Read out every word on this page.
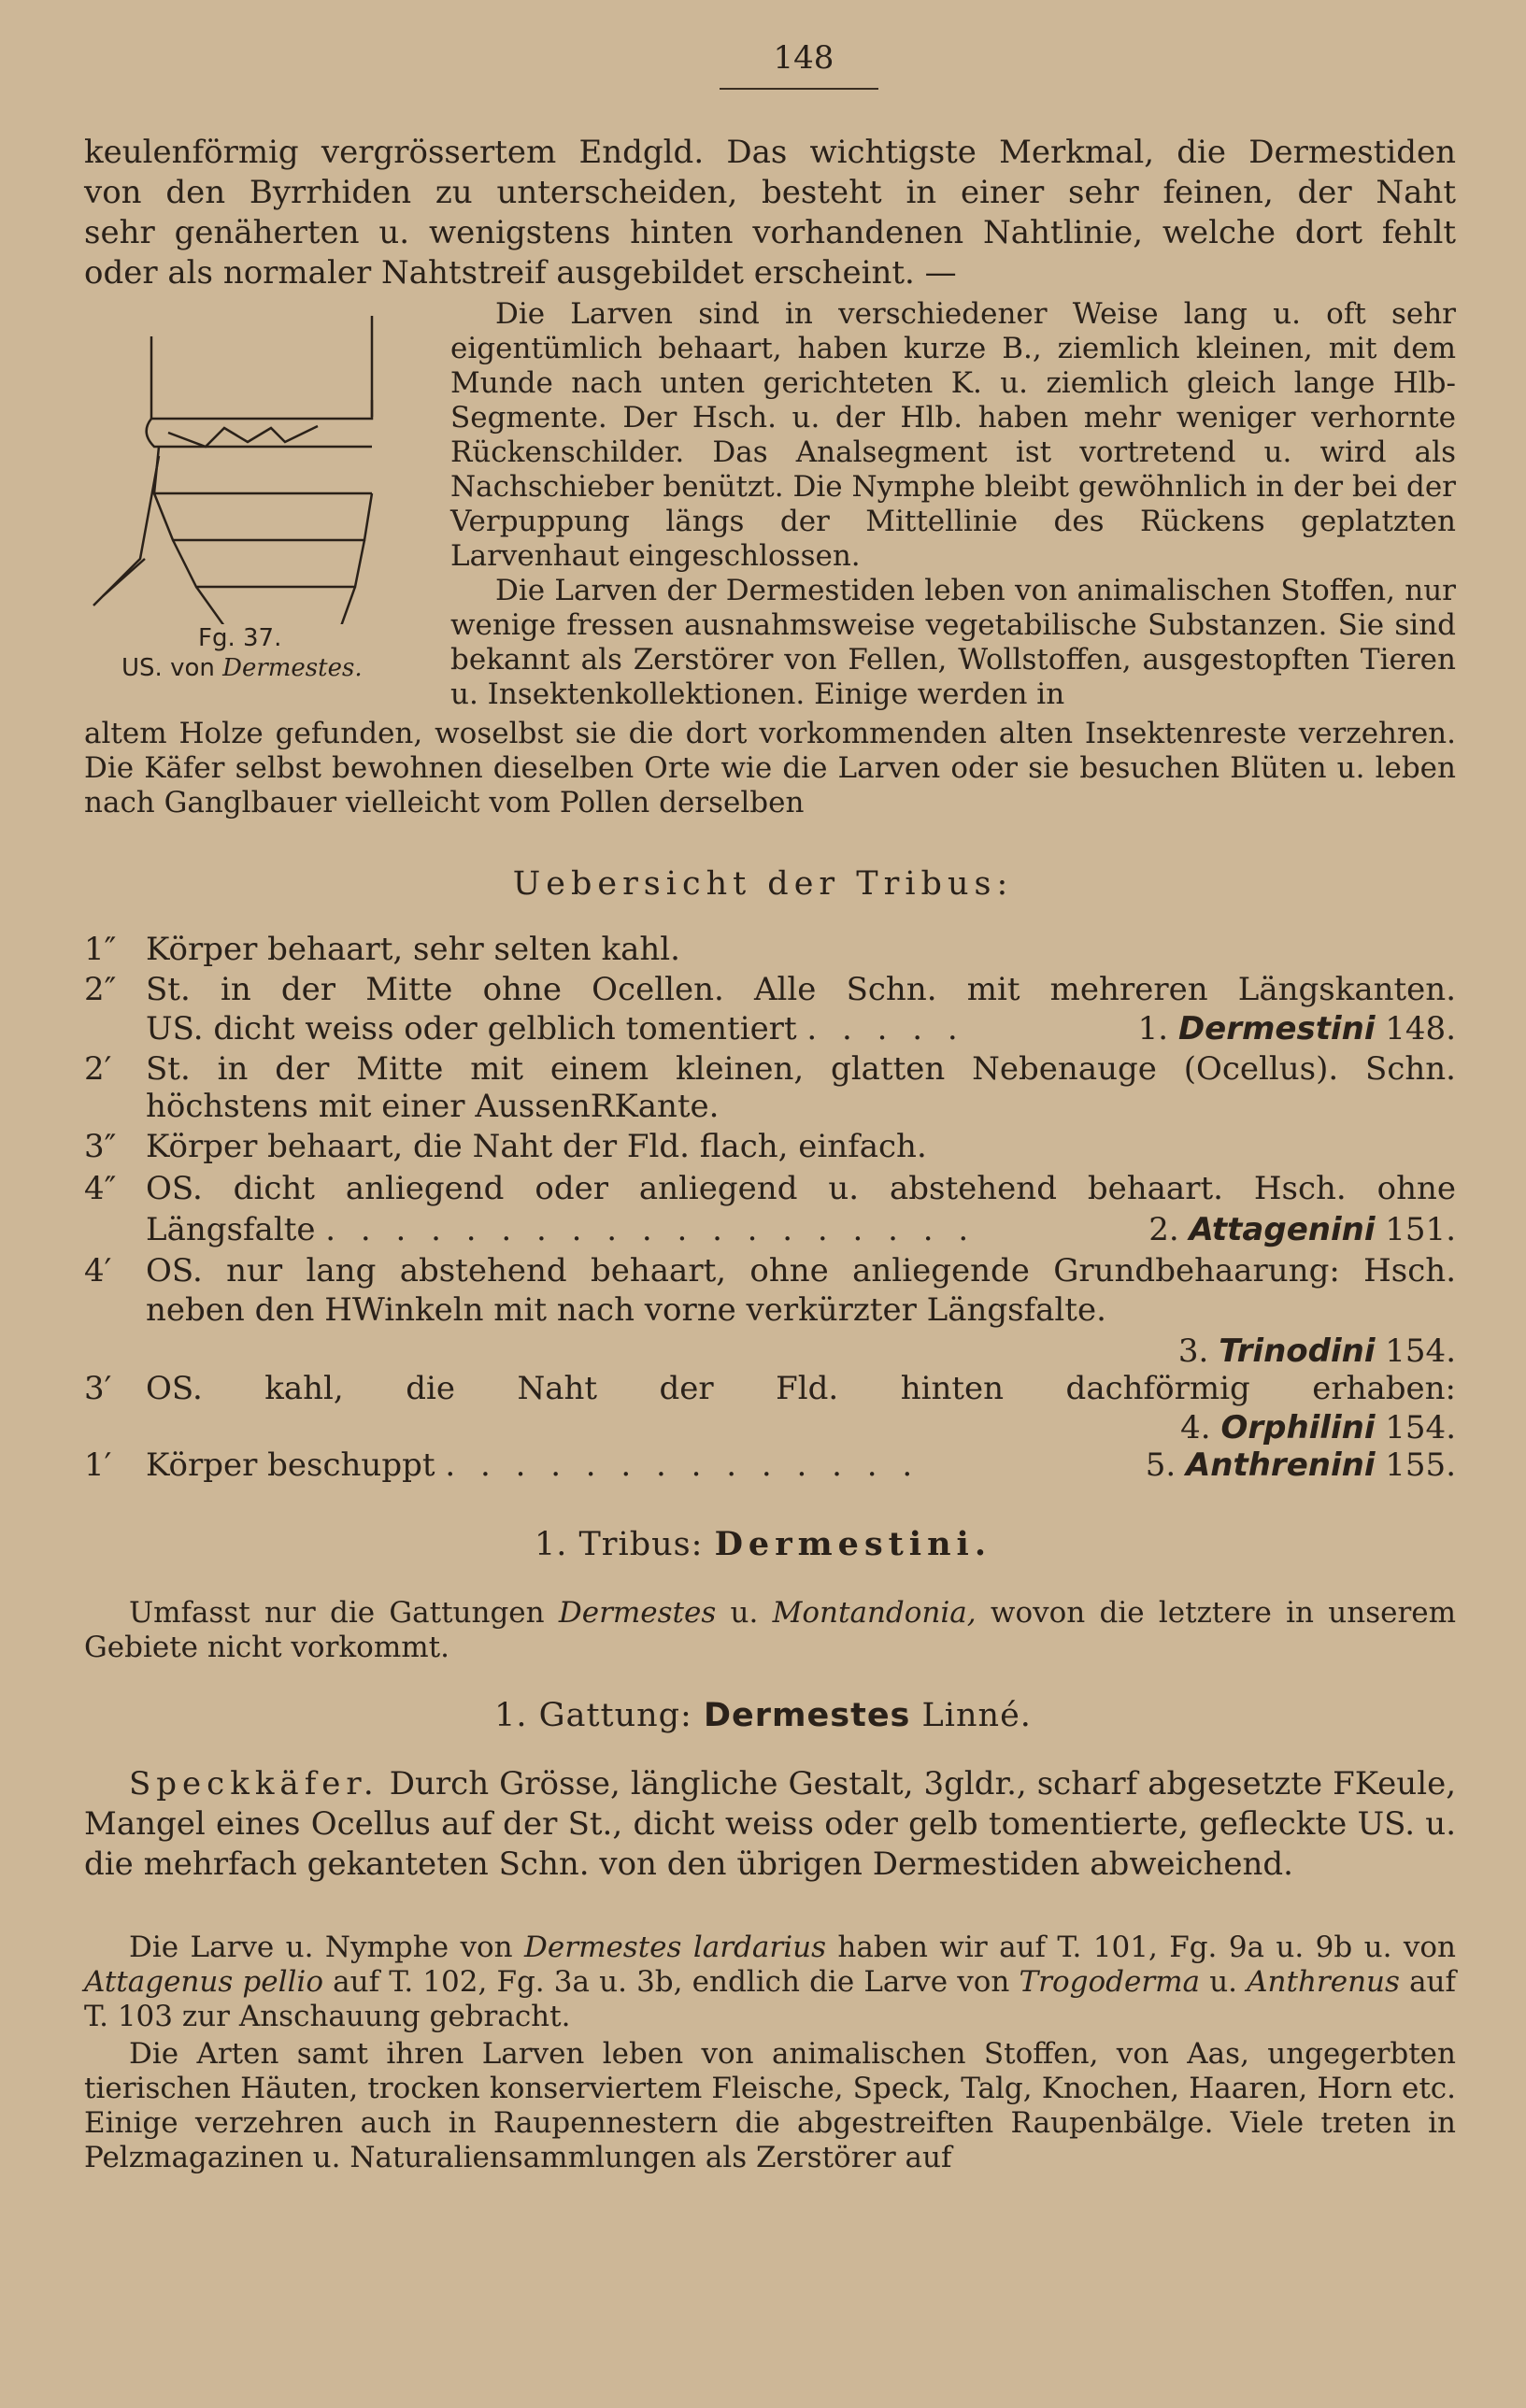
148

keulenförmig vergrössertem Endgld. Das wichtigste Merkmal, die Dermestiden

von den Byrrhiden zu unterscheiden, besteht in einer sehr feinen, der Naht

sehr genäherten u. wenigstens hinten vorhandenen Nahtlinie, welche dort fehlt

oder als normaler Nahtstreif ausgebildet erscheint. —

Fg. 37.
US. von Dermestes.

Die Larven sind in verschiedener Weise lang u. oft sehr eigentümlich behaart, haben kurze B., ziemlich kleinen, mit dem Munde nach unten gerichteten K. u. ziemlich gleich lange Hlb-Segmente. Der Hsch. u. der Hlb. haben mehr weniger verhornte Rückenschilder. Das Analsegment ist vortretend u. wird als Nachschieber benützt. Die Nymphe bleibt gewöhnlich in der bei der Verpuppung längs der Mittellinie des Rückens geplatzten Larvenhaut eingeschlossen.

Die Larven der Dermestiden leben von animalischen Stoffen, nur wenige fressen ausnahmsweise vegetabilische Substanzen. Sie sind bekannt als Zerstörer von Fellen, Wollstoffen, ausgestopften Tieren u. Insektenkollektionen. Einige werden in

altem Holze gefunden, woselbst sie die dort vorkommenden alten Insektenreste verzehren. Die Käfer selbst bewohnen dieselben Orte wie die Larven oder sie besuchen Blüten u. leben nach Ganglbauer vielleicht vom Pollen derselben

Uebersicht der Tribus:
1″ Körper behaart, sehr selten kahl.
2″ St. in der Mitte ohne Ocellen. Alle Schn. mit mehreren Längskanten.
US. dicht weiss oder gelblich tomentiert . . . . .	1. Dermestini 148.
2′	St. in der Mitte mit einem kleinen, glatten Nebenauge (Ocellus). Schn.
höchstens mit einer AussenRKante.
3″ Körper behaart, die Naht der Fld. flach, einfach.
4″ OS. dicht anliegend oder anliegend u. abstehend behaart. Hsch. ohne
Längsfalte . . . . . . . . . . . . . . . . . . .	2. Attagenini 151.
4′	OS. nur lang abstehend behaart, ohne anliegende Grundbehaarung: Hsch.
neben den HWinkeln mit nach vorne verkürzter Längsfalte.
3. Trinodini 154.
3′	OS. kahl, die Naht der Fld. hinten dachförmig erhaben:
4. Orphilini 154.
1′	Körper beschuppt . . . . . . . . . . . . . .	5. Anthrenini 155.
1. Tribus: Dermestini.

Umfasst nur die Gattungen Dermestes u. Montandonia, wovon die letztere in unserem Gebiete nicht vorkommt.

1. Gattung: Dermestes Linné.

Speckkäfer. Durch Grösse, längliche Gestalt, 3gldr., scharf abgesetzte FKeule, Mangel eines Ocellus auf der St., dicht weiss oder gelb tomentierte, gefleckte US. u. die mehrfach gekanteten Schn. von den übrigen Dermestiden abweichend.

Die Larve u. Nymphe von Dermestes lardarius haben wir auf T. 101, Fg. 9a u. 9b u. von Attagenus pellio auf T. 102, Fg. 3a u. 3b, endlich die Larve von Trogoderma u. Anthrenus auf T. 103 zur Anschauung gebracht.

Die Arten samt ihren Larven leben von animalischen Stoffen, von Aas, ungegerbten tierischen Häuten, trocken konserviertem Fleische, Speck, Talg, Knochen, Haaren, Horn etc. Einige verzehren auch in Raupennestern die abgestreiften Raupenbälge. Viele treten in Pelzmagazinen u. Naturaliensammlungen als Zerstörer auf
